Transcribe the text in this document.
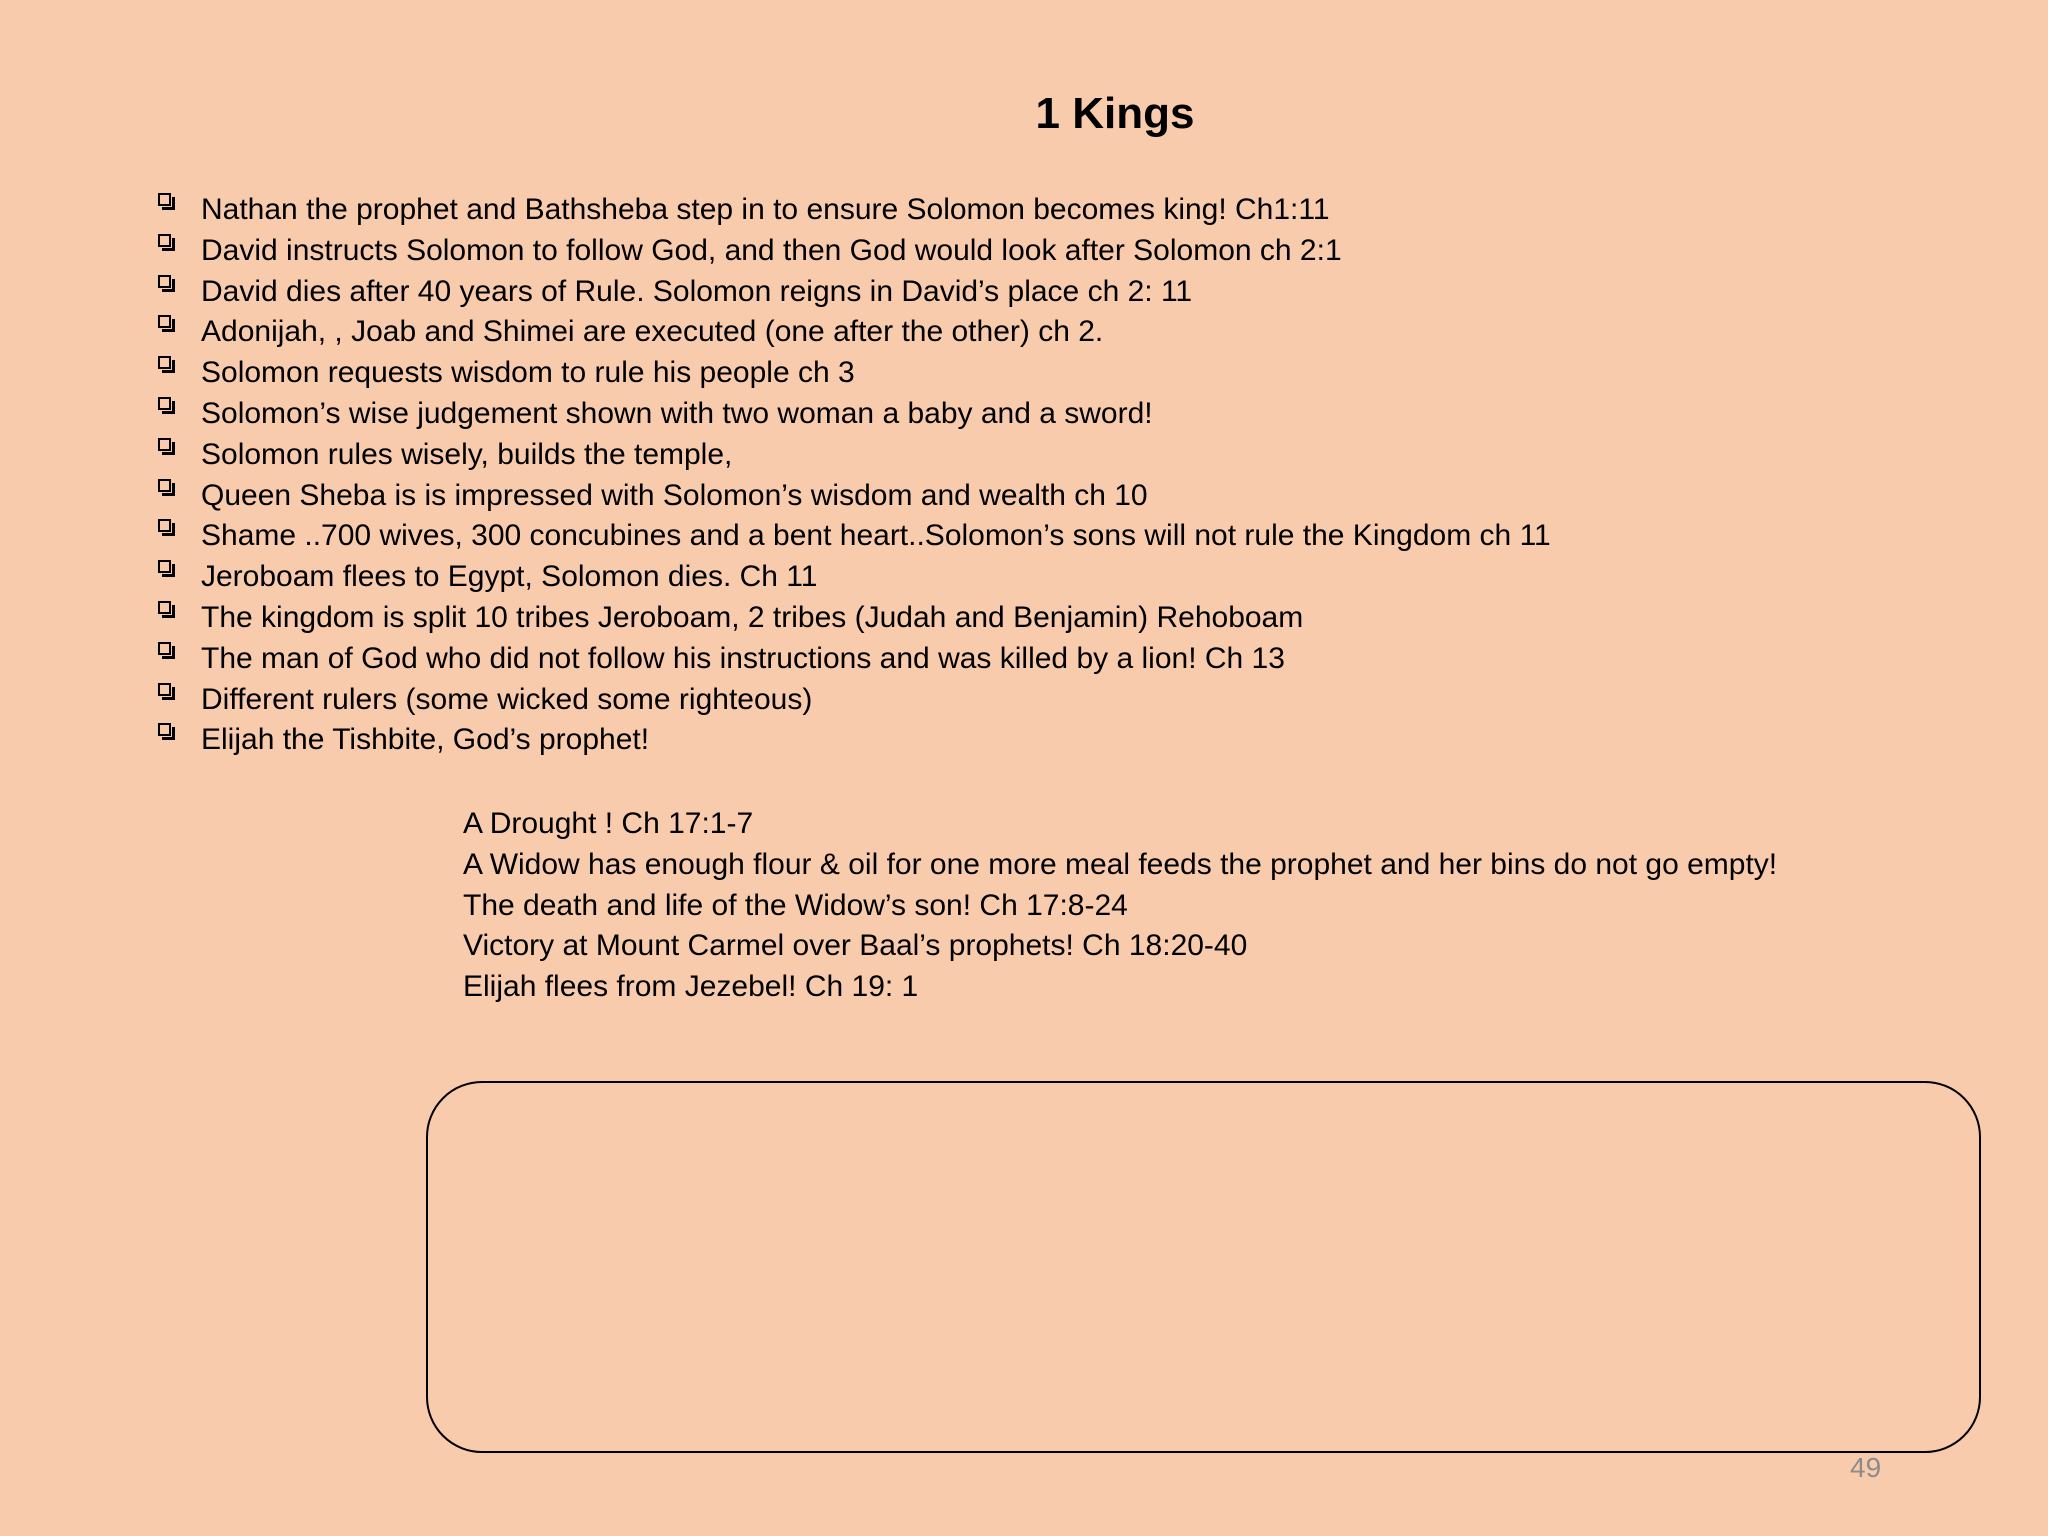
1 Kings
Nathan the prophet and Bathsheba step in to ensure Solomon becomes king! Ch1:11
David instructs Solomon to follow God, and then God would look after Solomon ch 2:1
David dies after 40 years of Rule. Solomon reigns in David’s place ch 2: 11
Adonijah, , Joab and Shimei are executed (one after the other) ch 2.
Solomon requests wisdom to rule his people ch 3
Solomon’s wise judgement shown with two woman a baby and a sword!
Solomon rules wisely, builds the temple,
Queen Sheba is is impressed with Solomon’s wisdom and wealth ch 10
Shame ..700 wives, 300 concubines and a bent heart..Solomon’s sons will not rule the Kingdom ch 11
Jeroboam flees to Egypt, Solomon dies. Ch 11
The kingdom is split 10 tribes Jeroboam, 2 tribes (Judah and Benjamin) Rehoboam
The man of God who did not follow his instructions and was killed by a lion! Ch 13
Different rulers (some wicked some righteous)
Elijah the Tishbite, God’s prophet!
A Drought ! Ch 17:1-7
A Widow has enough flour & oil for one more meal feeds the prophet and her bins do not go empty!
The death and life of the Widow’s son! Ch 17:8-24
Victory at Mount Carmel over Baal’s prophets! Ch 18:20-40
Elijah flees from Jezebel! Ch 19: 1
49
